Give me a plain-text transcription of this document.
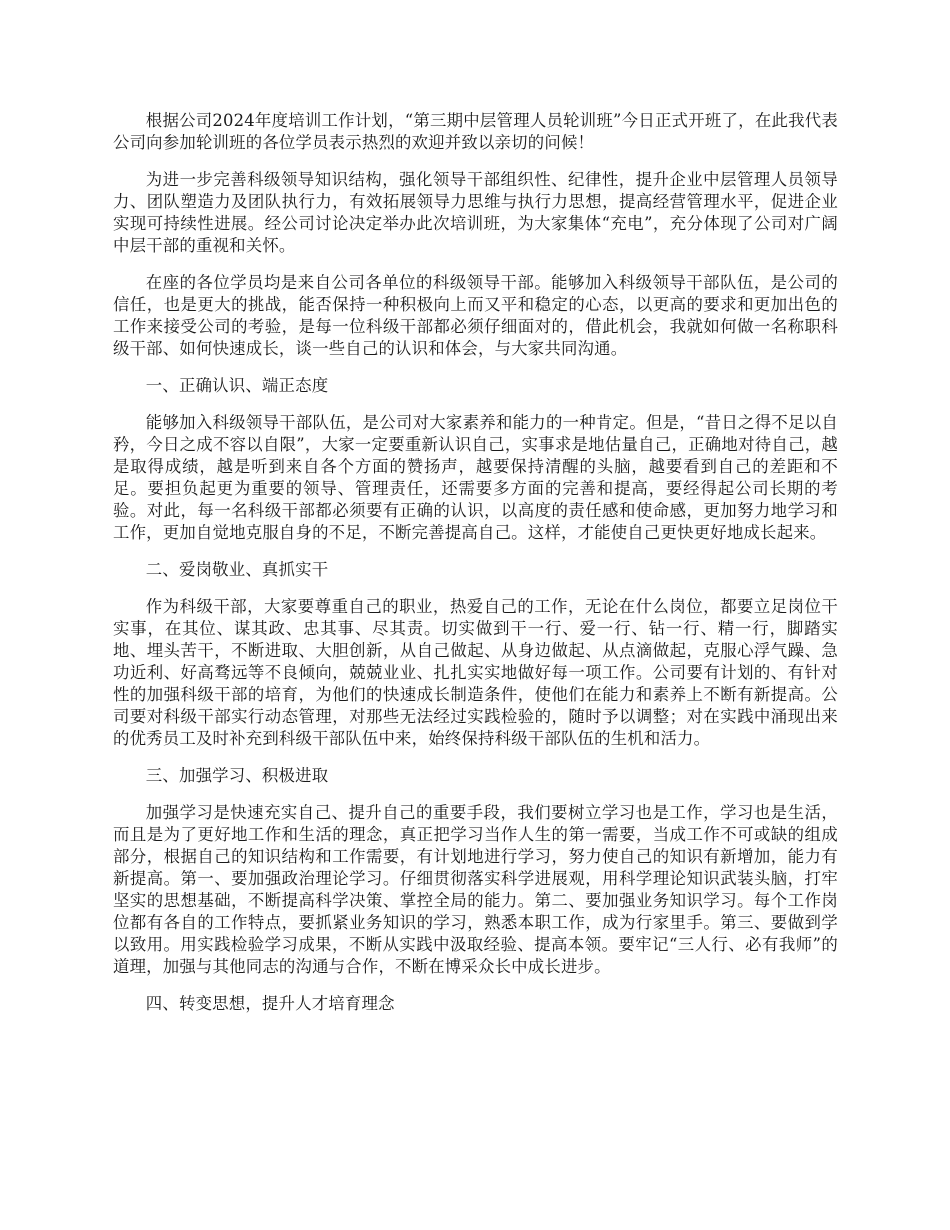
根据公司2024年度培训工作计划，“第三期中层管理人员轮训班”今日正式开班了，在此我代表公司向参加轮训班的各位学员表示热烈的欢迎并致以亲切的问候！

为进一步完善科级领导知识结构，强化领导干部组织性、纪律性，提升企业中层管理人员领导力、团队塑造力及团队执行力，有效拓展领导力思维与执行力思想，提高经营管理水平，促进企业实现可持续性进展。经公司讨论决定举办此次培训班，为大家集体“充电”，充分体现了公司对广阔中层干部的重视和关怀。

在座的各位学员均是来自公司各单位的科级领导干部。能够加入科级领导干部队伍，是公司的信任，也是更大的挑战，能否保持一种积极向上而又平和稳定的心态，以更高的要求和更加出色的工作来接受公司的考验，是每一位科级干部都必须仔细面对的，借此机会，我就如何做一名称职科级干部、如何快速成长，谈一些自己的认识和体会，与大家共同沟通。

一、正确认识、端正态度

能够加入科级领导干部队伍，是公司对大家素养和能力的一种肯定。但是，“昔日之得不足以自矜，今日之成不容以自限”，大家一定要重新认识自己，实事求是地估量自己，正确地对待自己，越是取得成绩，越是听到来自各个方面的赞扬声，越要保持清醒的头脑，越要看到自己的差距和不足。要担负起更为重要的领导、管理责任，还需要多方面的完善和提高，要经得起公司长期的考验。对此，每一名科级干部都必须要有正确的认识，以高度的责任感和使命感，更加努力地学习和工作，更加自觉地克服自身的不足，不断完善提高自己。这样，才能使自己更快更好地成长起来。

二、爱岗敬业、真抓实干

作为科级干部，大家要尊重自己的职业，热爱自己的工作，无论在什么岗位，都要立足岗位干实事，在其位、谋其政、忠其事、尽其责。切实做到干一行、爱一行、钻一行、精一行，脚踏实地、埋头苦干，不断进取、大胆创新，从自己做起、从身边做起、从点滴做起，克服心浮气躁、急功近利、好高骛远等不良倾向，兢兢业业、扎扎实实地做好每一项工作。公司要有计划的、有针对性的加强科级干部的培育，为他们的快速成长制造条件，使他们在能力和素养上不断有新提高。公司要对科级干部实行动态管理，对那些无法经过实践检验的，随时予以调整；对在实践中涌现出来的优秀员工及时补充到科级干部队伍中来，始终保持科级干部队伍的生机和活力。

三、加强学习、积极进取

加强学习是快速充实自己、提升自己的重要手段，我们要树立学习也是工作，学习也是生活，而且是为了更好地工作和生活的理念，真正把学习当作人生的第一需要，当成工作不可或缺的组成部分，根据自己的知识结构和工作需要，有计划地进行学习，努力使自己的知识有新增加，能力有新提高。第一、要加强政治理论学习。仔细贯彻落实科学进展观，用科学理论知识武装头脑，打牢坚实的思想基础，不断提高科学决策、掌控全局的能力。第二、要加强业务知识学习。每个工作岗位都有各自的工作特点，要抓紧业务知识的学习，熟悉本职工作，成为行家里手。第三、要做到学以致用。用实践检验学习成果，不断从实践中汲取经验、提高本领。要牢记“三人行、必有我师”的道理，加强与其他同志的沟通与合作，不断在博采众长中成长进步。

四、转变思想，提升人才培育理念
